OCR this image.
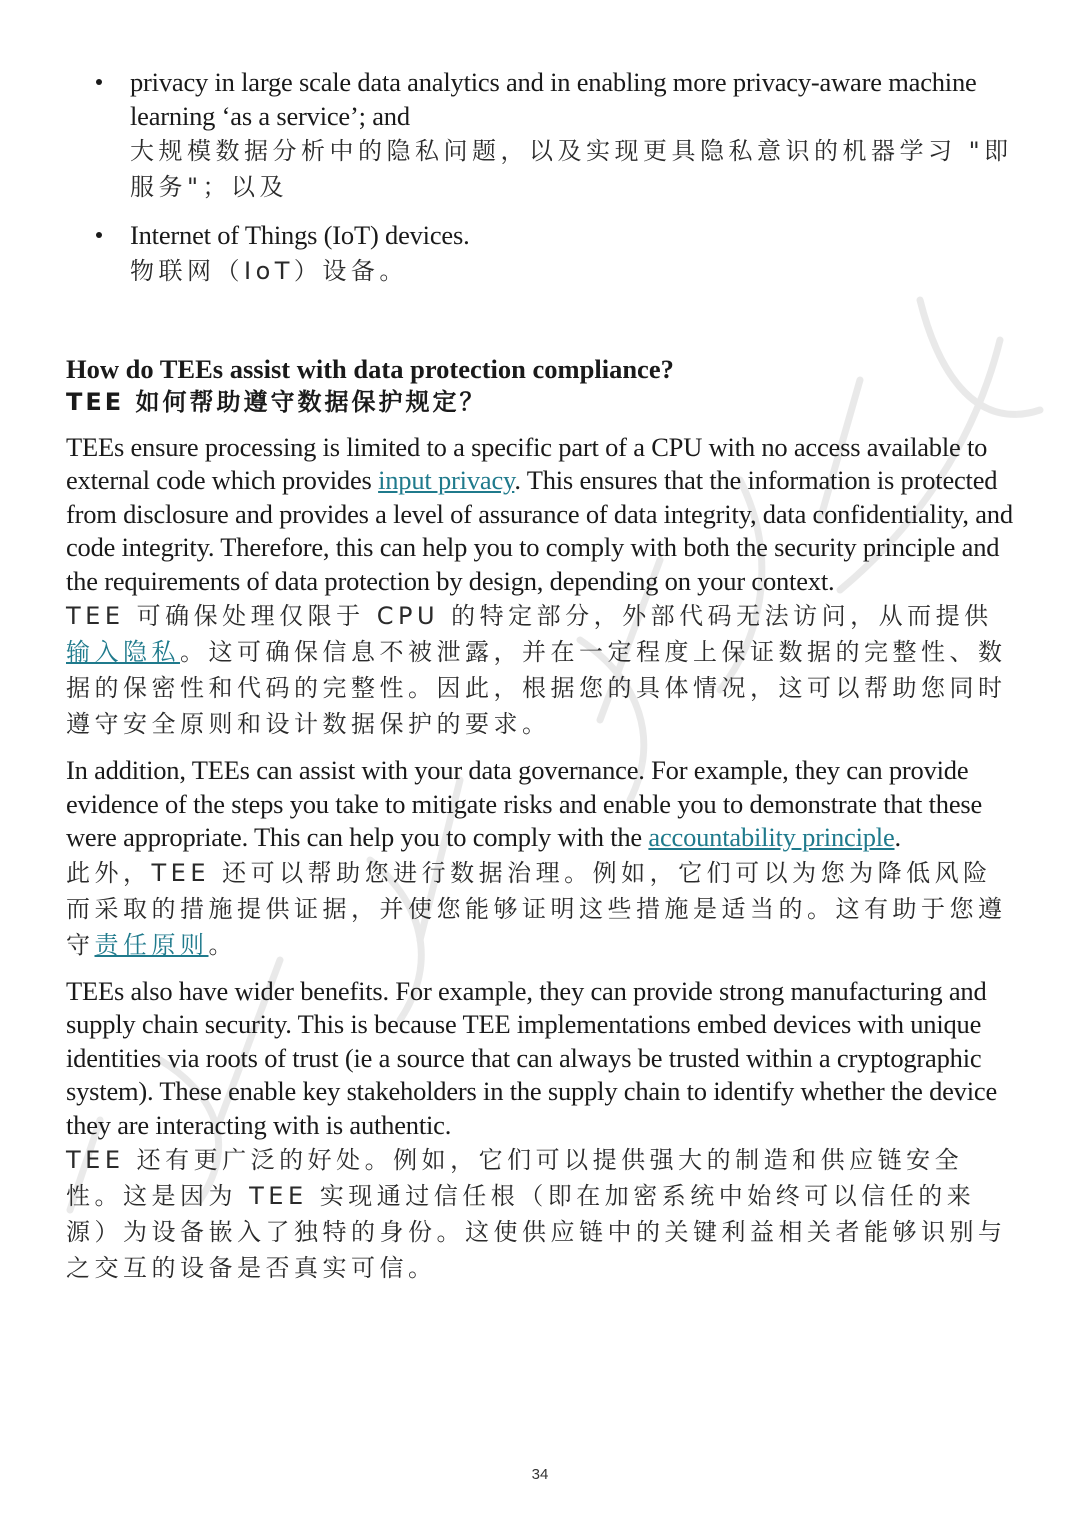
privacy in large scale data analytics and in enabling more privacy-aware machine learning ‘as a service’; and
大规模数据分析中的隐私问题，以及实现更具隐私意识的机器学习 "即服务"；以及
Internet of Things (IoT) devices.
物联网（IoT）设备。
How do TEEs assist with data protection compliance?
TEE 如何帮助遵守数据保护规定？
TEEs ensure processing is limited to a specific part of a CPU with no access available to external code which provides input privacy. This ensures that the information is protected from disclosure and provides a level of assurance of data integrity, data confidentiality, and code integrity. Therefore, this can help you to comply with both the security principle and the requirements of data protection by design, depending on your context.
TEE 可确保处理仅限于 CPU 的特定部分，外部代码无法访问，从而提供输入隐私。这可确保信息不被泄露，并在一定程度上保证数据的完整性、数据的保密性和代码的完整性。因此，根据您的具体情况，这可以帮助您同时遵守安全原则和设计数据保护的要求。
In addition, TEEs can assist with your data governance. For example, they can provide evidence of the steps you take to mitigate risks and enable you to demonstrate that these were appropriate. This can help you to comply with the accountability principle.
此外，TEE 还可以帮助您进行数据治理。例如，它们可以为您为降低风险而采取的措施提供证据，并使您能够证明这些措施是适当的。这有助于您遵守责任原则。
TEEs also have wider benefits. For example, they can provide strong manufacturing and supply chain security. This is because TEE implementations embed devices with unique identities via roots of trust (ie a source that can always be trusted within a cryptographic system). These enable key stakeholders in the supply chain to identify whether the device they are interacting with is authentic.
TEE 还有更广泛的好处。例如，它们可以提供强大的制造和供应链安全性。这是因为 TEE 实现通过信任根（即在加密系统中始终可以信任的来源）为设备嵌入了独特的身份。这使供应链中的关键利益相关者能够识别与之交互的设备是否真实可信。
34
